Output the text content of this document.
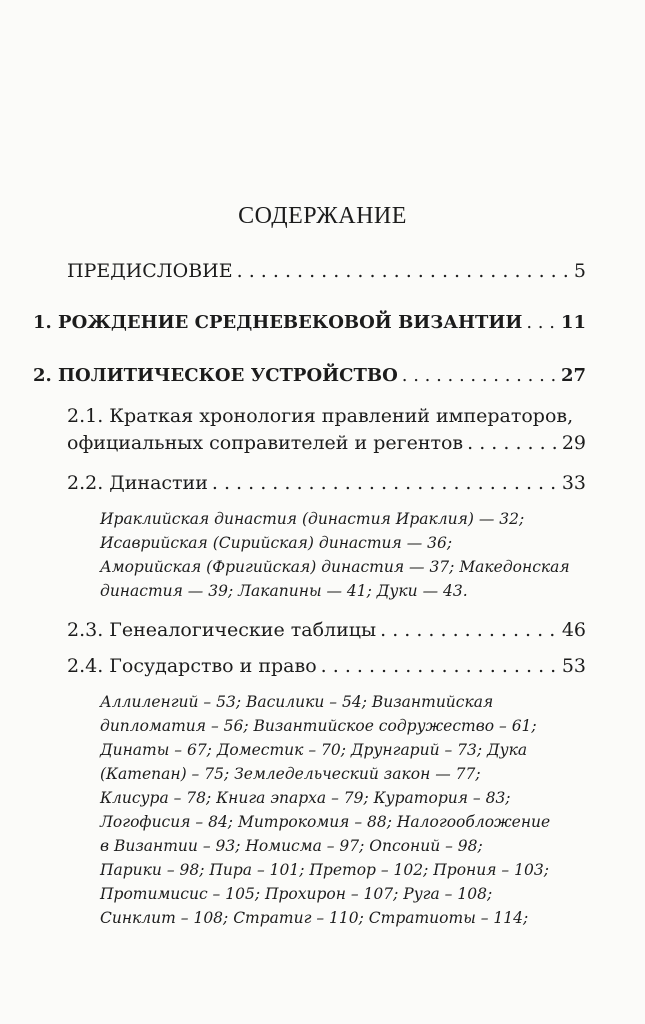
СОДЕРЖАНИЕ
ПРЕДИСЛОВИЕ . . .	5
1. РОЖДЕНИЕ СРЕДНЕВЕКОВОЙ ВИЗАНТИИ . . . 11
2. ПОЛИТИЧЕСКОЕ УСТРОЙСТВО . . .	27
2.1. Краткая хронология правлений императоров,
официальных соправителей и регентов . . .	29
2.2. Династии . . .	33
Ираклийская династия (династия Ираклия) — 32;
Исаврийская (Сирийская) династия — 36;
Аморийская (Фригийская) династия — 37; Македонская
династия — 39; Лакапины — 41; Дуки — 43.
2.3. Генеалогические таблицы . . .	46
2.4. Государство и право . . .	53
Аллиленгий – 53; Василики – 54; Византийская
дипломатия – 56; Византийское содружество – 61;
Динаты – 67; Доместик – 70; Друнгарий – 73; Дука
(Катепан) – 75; Земледельческий закон — 77;
Клисура – 78; Книга эпарха – 79; Куратория – 83;
Логофисия – 84; Митрокомия – 88; Налогообложение
в Византии – 93; Номисма – 97; Опсоний – 98;
Парики – 98; Пира – 101; Претор – 102; Прония – 103;
Протимисис – 105; Прохирон – 107; Руга – 108;
Синклит – 108; Стратиг – 110; Стратиоты – 114;
